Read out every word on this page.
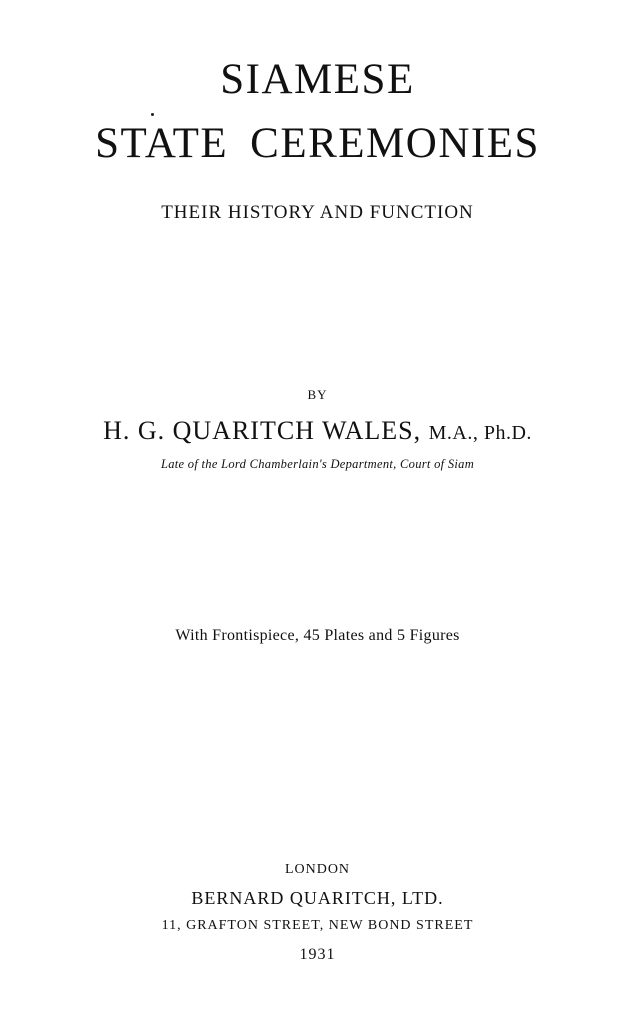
SIAMESE
STATE CEREMONIES
THEIR HISTORY AND FUNCTION
BY
H. G. QUARITCH WALES, M.A., Ph.D.
Late of the Lord Chamberlain's Department, Court of Siam
With Frontispiece, 45 Plates and 5 Figures
LONDON
BERNARD QUARITCH, LTD.
11, GRAFTON STREET, NEW BOND STREET
1931
